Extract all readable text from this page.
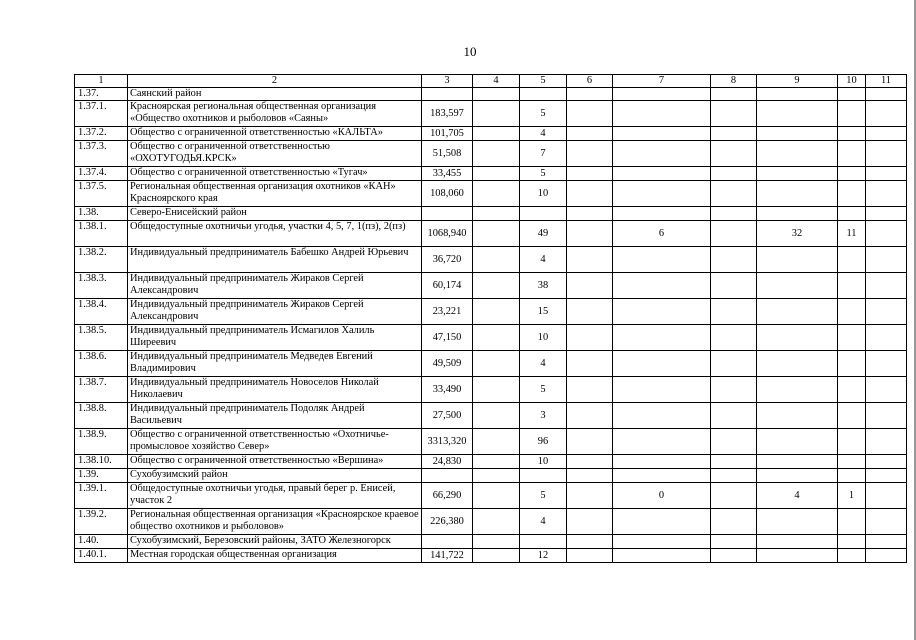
10
1	2	3	4	5	6	7	8	9	10	11
1.37.	Саянский район									
1.37.1.	Красноярская региональная общественная организация «Общество охотников и рыболовов «Саяны»	183,597		5						
1.37.2.	Общество с ограниченной ответственностью «КАЛЬТА»	101,705		4						
1.37.3.	Общество с ограниченной ответственностью «ОХОТУГОДЬЯ.КРСК»	51,508		7						
1.37.4.	Общество с ограниченной ответственностью «Тугач»	33,455		5						
1.37.5.	Региональная общественная организация охотников «КАН» Красноярского края	108,060		10						
1.38.	Северо-Енисейский район									
1.38.1.	Общедоступные охотничьи угодья, участки 4, 5, 7, 1(пз), 2(пз)	1068,940		49		6		32	11	
1.38.2.	Индивидуальный предприниматель Бабешко Андрей Юрьевич	36,720		4						
1.38.3.	Индивидуальный предприниматель Жираков Сергей Александрович	60,174		38						
1.38.4.	Индивидуальный предприниматель Жираков Сергей Александрович	23,221		15						
1.38.5.	Индивидуальный предприниматель Исмагилов Халиль Ширеевич	47,150		10						
1.38.6.	Индивидуальный предприниматель Медведев Евгений Владимирович	49,509		4						
1.38.7.	Индивидуальный предприниматель Новоселов Николай Николаевич	33,490		5						
1.38.8.	Индивидуальный предприниматель Подоляк Андрей Васильевич	27,500		3						
1.38.9.	Общество с ограниченной ответственностью «Охотничье-промысловое хозяйство Север»	3313,320		96						
1.38.10.	Общество с ограниченной ответственностью «Вершина»	24,830		10						
1.39.	Сухобузимский район									
1.39.1.	Общедоступные охотничьи угодья, правый берег р. Енисей, участок 2	66,290		5		0		4	1	
1.39.2.	Региональная общественная организация «Красноярское краевое общество охотников и рыболовов»	226,380		4						
1.40.	Сухобузимский, Березовский районы, ЗАТО Железногорск									
1.40.1.	Местная городская общественная организация	141,722		12						
